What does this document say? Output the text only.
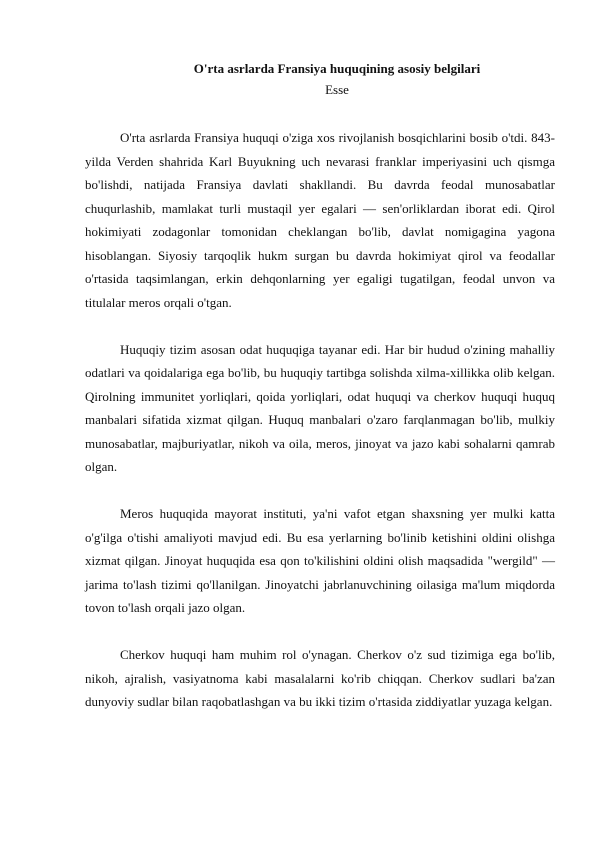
O'rta asrlarda Fransiya huquqining asosiy belgilari
Esse

O'rta asrlarda Fransiya huquqi o'ziga xos rivojlanish bosqichlarini bosib o'tdi. 843-yilda Verden shahrida Karl Buyukning uch nevarasi franklar imperiyasini uch qismga bo'lishdi, natijada Fransiya davlati shakllandi. Bu davrda feodal munosabatlar chuqurlashib, mamlakat turli mustaqil yer egalari — sen'orliklardan iborat edi. Qirol hokimiyati zodagonlar tomonidan cheklangan bo'lib, davlat nomigagina yagona hisoblangan. Siyosiy tarqoqlik hukm surgan bu davrda hokimiyat qirol va feodallar o'rtasida taqsimlangan, erkin dehqonlarning yer egaligi tugatilgan, feodal unvon va titulalar meros orqali o'tgan.

Huquqiy tizim asosan odat huquqiga tayanar edi. Har bir hudud o'zining mahalliy odatlari va qoidalariga ega bo'lib, bu huquqiy tartibga solishda xilma-xillikka olib kelgan. Qirolning immunitet yorliqlari, qoida yorliqlari, odat huquqi va cherkov huquqi huquq manbalari sifatida xizmat qilgan. Huquq manbalari o'zaro farqlanmagan bo'lib, mulkiy munosabatlar, majburiyatlar, nikoh va oila, meros, jinoyat va jazo kabi sohalarni qamrab olgan.

Meros huquqida mayorat instituti, ya'ni vafot etgan shaxsning yer mulki katta o'g'ilga o'tishi amaliyoti mavjud edi. Bu esa yerlarning bo'linib ketishini oldini olishga xizmat qilgan. Jinoyat huquqida esa qon to'kilishini oldini olish maqsadida "wergild" — jarima to'lash tizimi qo'llanilgan. Jinoyatchi jabrlanuvchining oilasiga ma'lum miqdorda tovon to'lash orqali jazo olgan.

Cherkov huquqi ham muhim rol o'ynagan. Cherkov o'z sud tizimiga ega bo'lib, nikoh, ajralish, vasiyatnoma kabi masalalarni ko'rib chiqqan. Cherkov sudlari ba'zan dunyoviy sudlar bilan raqobatlashgan va bu ikki tizim o'rtasida ziddiyatlar yuzaga kelgan.
